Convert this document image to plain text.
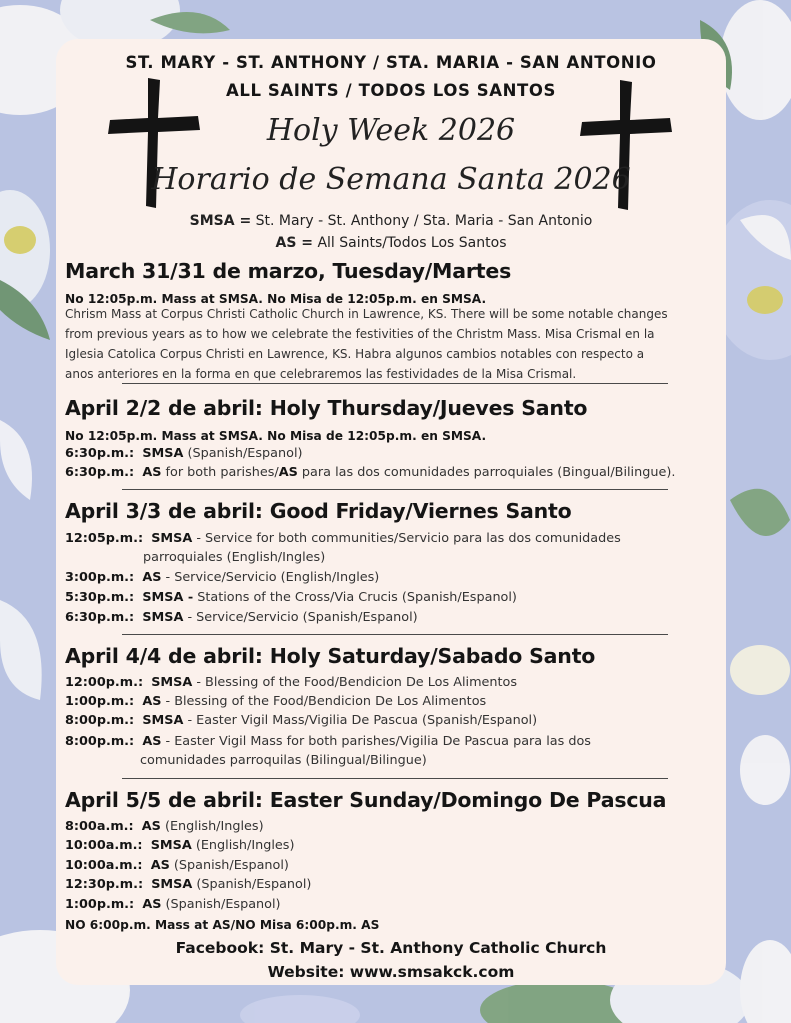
ST. MARY - ST. ANTHONY / STA. MARIA - SAN ANTONIO
ALL SAINTS / TODOS LOS SANTOS
Holy Week 2026
Horario de Semana Santa 2026
SMSA = St. Mary - St. Anthony / Sta. Maria - San Antonio
AS = All Saints/Todos Los Santos
March 31/31 de marzo, Tuesday/Martes
No 12:05p.m. Mass at SMSA. No Misa de 12:05p.m. en SMSA.

Chrism Mass at Corpus Christi Catholic Church in Lawrence, KS. There will be some notable changes

from previous years as to how we celebrate the festivities of the Christm Mass. Misa Crismal en la

Iglesia Catolica Corpus Christi en Lawrence, KS. Habra algunos cambios notables con respecto a

anos anteriores en la forma en que celebraremos las festividades de la Misa Crismal.

April 2/2 de abril: Holy Thursday/Jueves Santo
No 12:05p.m. Mass at SMSA. No Misa de 12:05p.m. en SMSA.
6:30p.m.: SMSA (Spanish/Espanol)
6:30p.m.: AS for both parishes/AS para las dos comunidades parroquiales (Bingual/Bilingue).
April 3/3 de abril: Good Friday/Viernes Santo
12:05p.m.: SMSA - Service for both communities/Servicio para las dos comunidades
parroquiales (English/Ingles)
3:00p.m.: AS - Service/Servicio (English/Ingles)
5:30p.m.: SMSA - Stations of the Cross/Via Crucis (Spanish/Espanol)
6:30p.m.: SMSA - Service/Servicio (Spanish/Espanol)
April 4/4 de abril: Holy Saturday/Sabado Santo
12:00p.m.: SMSA - Blessing of the Food/Bendicion De Los Alimentos
1:00p.m.: AS - Blessing of the Food/Bendicion De Los Alimentos
8:00p.m.: SMSA - Easter Vigil Mass/Vigilia De Pascua (Spanish/Espanol)
8:00p.m.: AS - Easter Vigil Mass for both parishes/Vigilia De Pascua para las dos
comunidades parroquilas (Bilingual/Bilingue)
April 5/5 de abril: Easter Sunday/Domingo De Pascua
8:00a.m.: AS (English/Ingles)
10:00a.m.: SMSA (English/Ingles)
10:00a.m.: AS (Spanish/Espanol)
12:30p.m.: SMSA (Spanish/Espanol)
1:00p.m.: AS (Spanish/Espanol)
NO 6:00p.m. Mass at AS/NO Misa 6:00p.m. AS
Facebook: St. Mary - St. Anthony Catholic Church
Website: www.smsakck.com
